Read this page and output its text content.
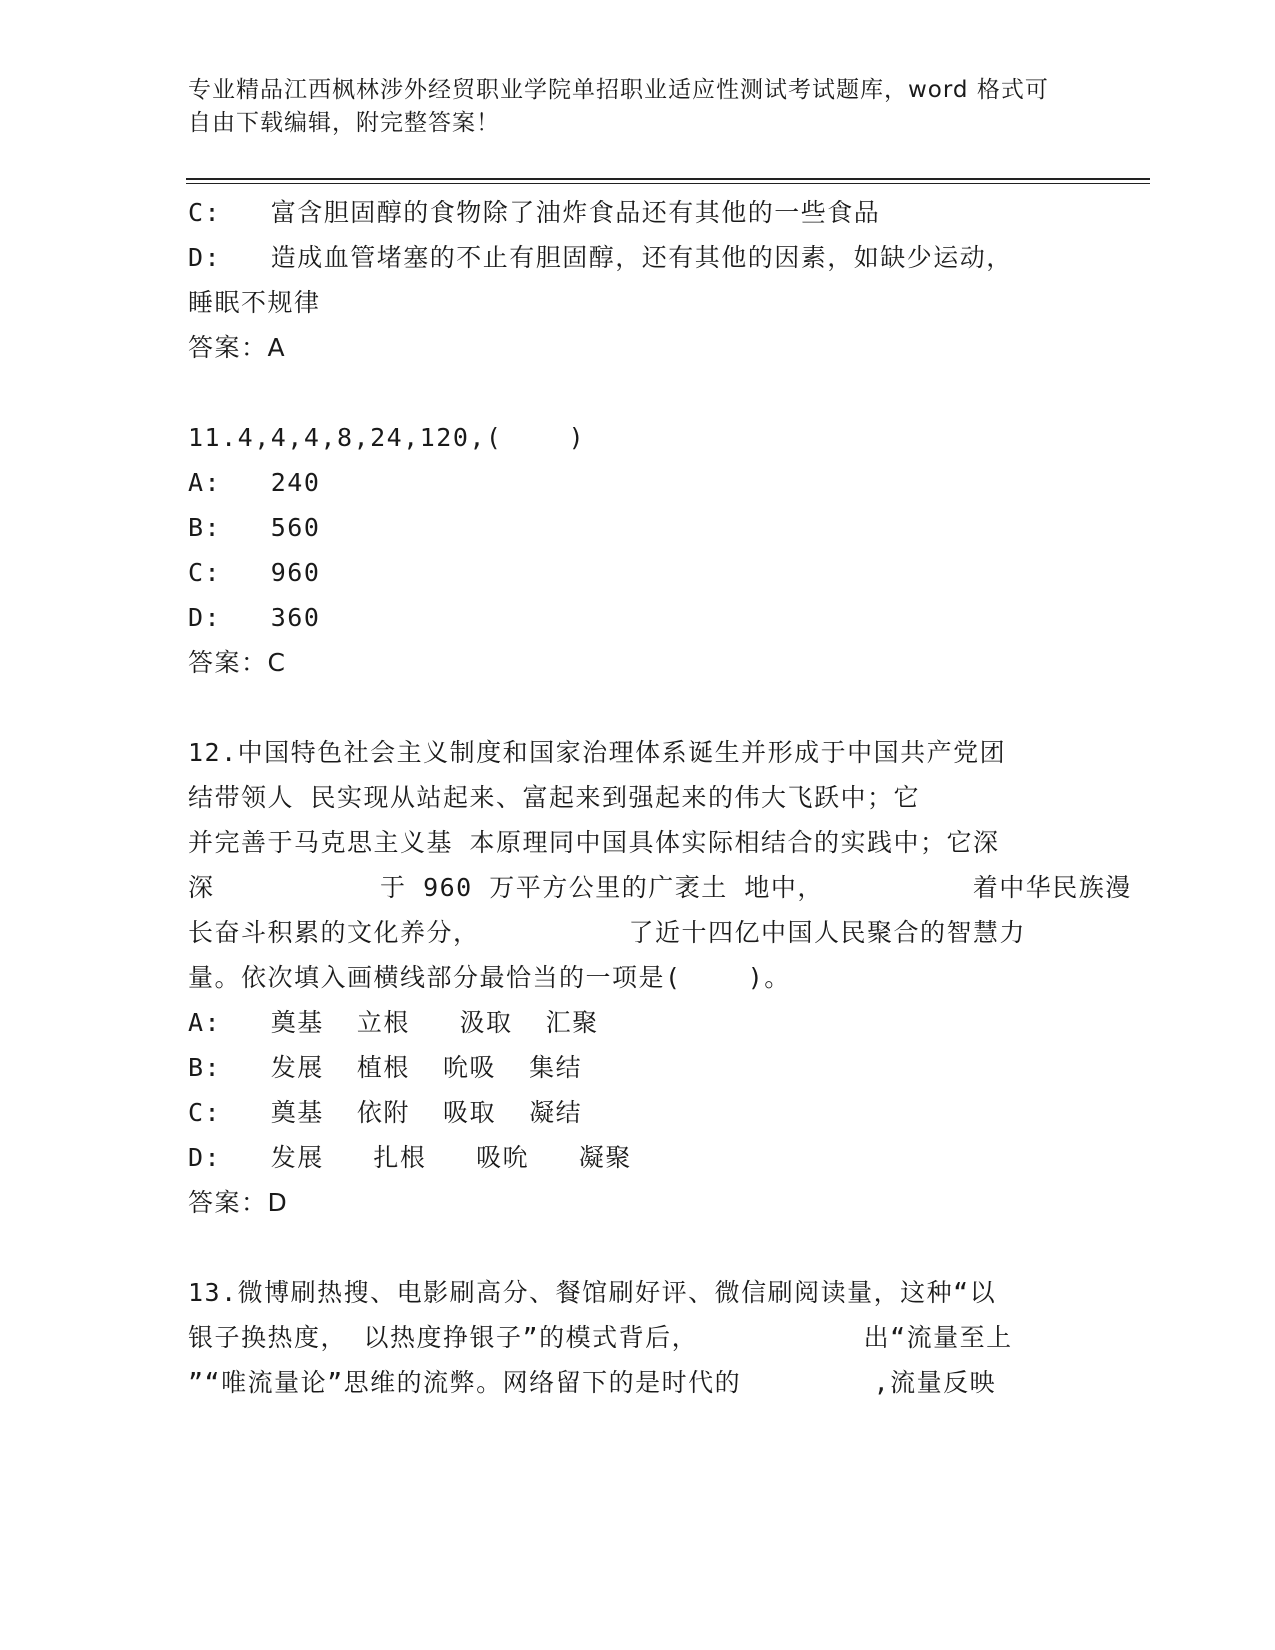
专业精品江西枫林涉外经贸职业学院单招职业适应性测试考试题库，word 格式可
自由下载编辑，附完整答案！
C:   富含胆固醇的食物除了油炸食品还有其他的一些食品
D:   造成血管堵塞的不止有胆固醇，还有其他的因素，如缺少运动，
睡眠不规律
答案：A
11.4,4,4,8,24,120,(    )
A:   240
B:   560
C:   960
D:   360
答案：C
12.中国特色社会主义制度和国家治理体系诞生并形成于中国共产党团
结带领人 民实现从站起来、富起来到强起来的伟大飞跃中；它
并完善于马克思主义基 本原理同中国具体实际相结合的实践中；它深
深          于 960 万平方公里的广袤土 地中，         着中华民族漫
长奋斗积累的文化养分，         了近十四亿中国人民聚合的智慧力
量。依次填入画横线部分最恰当的一项是(    )。
A:   奠基  立根   汲取  汇聚
B:   发展  植根  吮吸  集结
C:   奠基  依附  吸取  凝结
D:   发展   扎根   吸吮   凝聚
答案：D
13.微博刷热搜、电影刷高分、餐馆刷好评、微信刷阅读量，这种“以
银子换热度， 以热度挣银子”的模式背后，          出“流量至上
”“唯流量论”思维的流弊。网络留下的是时代的        ,流量反映
